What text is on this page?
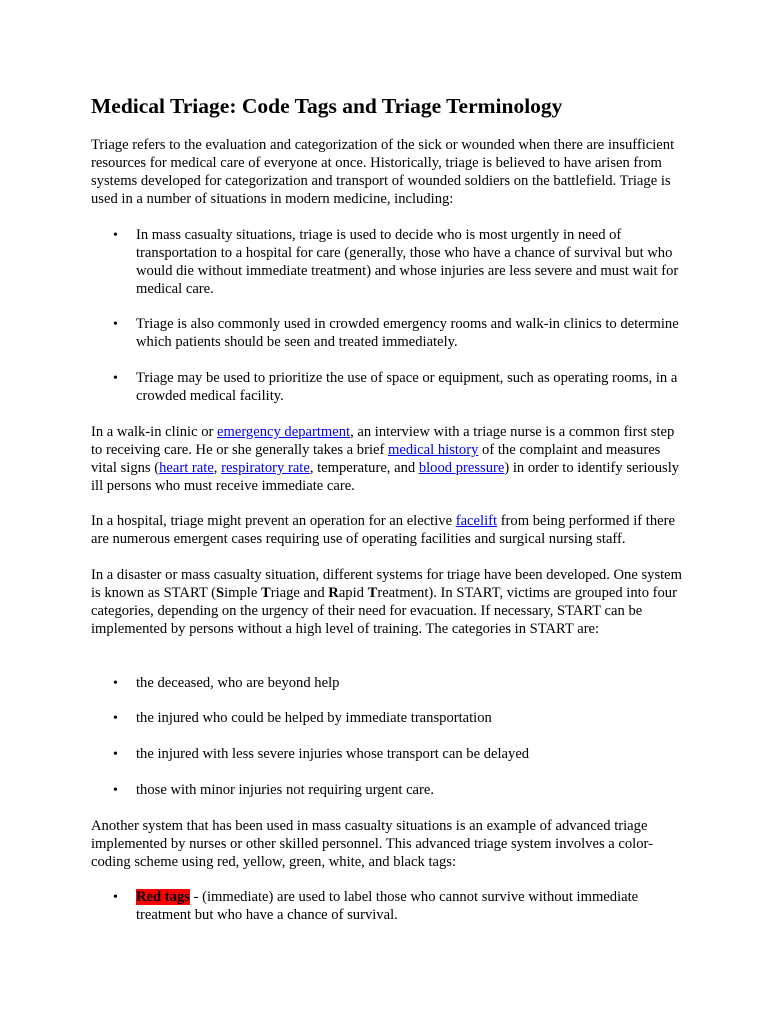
Medical Triage: Code Tags and Triage Terminology

Triage refers to the evaluation and categorization of the sick or wounded when there are insufficient resources for medical care of everyone at once. Historically, triage is believed to have arisen from systems developed for categorization and transport of wounded soldiers on the battlefield. Triage is used in a number of situations in modern medicine, including:

• In mass casualty situations, triage is used to decide who is most urgently in need of transportation to a hospital for care (generally, those who have a chance of survival but who would die without immediate treatment) and whose injuries are less severe and must wait for medical care.
• Triage is also commonly used in crowded emergency rooms and walk-in clinics to determine which patients should be seen and treated immediately.
• Triage may be used to prioritize the use of space or equipment, such as operating rooms, in a crowded medical facility.

In a walk-in clinic or emergency department, an interview with a triage nurse is a common first step to receiving care. He or she generally takes a brief medical history of the complaint and measures vital signs (heart rate, respiratory rate, temperature, and blood pressure) in order to identify seriously ill persons who must receive immediate care.

In a hospital, triage might prevent an operation for an elective facelift from being performed if there are numerous emergent cases requiring use of operating facilities and surgical nursing staff.

In a disaster or mass casualty situation, different systems for triage have been developed. One system is known as START (Simple Triage and Rapid Treatment). In START, victims are grouped into four categories, depending on the urgency of their need for evacuation. If necessary, START can be implemented by persons without a high level of training. The categories in START are:

• the deceased, who are beyond help
• the injured who could be helped by immediate transportation
• the injured with less severe injuries whose transport can be delayed
• those with minor injuries not requiring urgent care.

Another system that has been used in mass casualty situations is an example of advanced triage implemented by nurses or other skilled personnel. This advanced triage system involves a color-coding scheme using red, yellow, green, white, and black tags:

• Red tags - (immediate) are used to label those who cannot survive without immediate treatment but who have a chance of survival.
